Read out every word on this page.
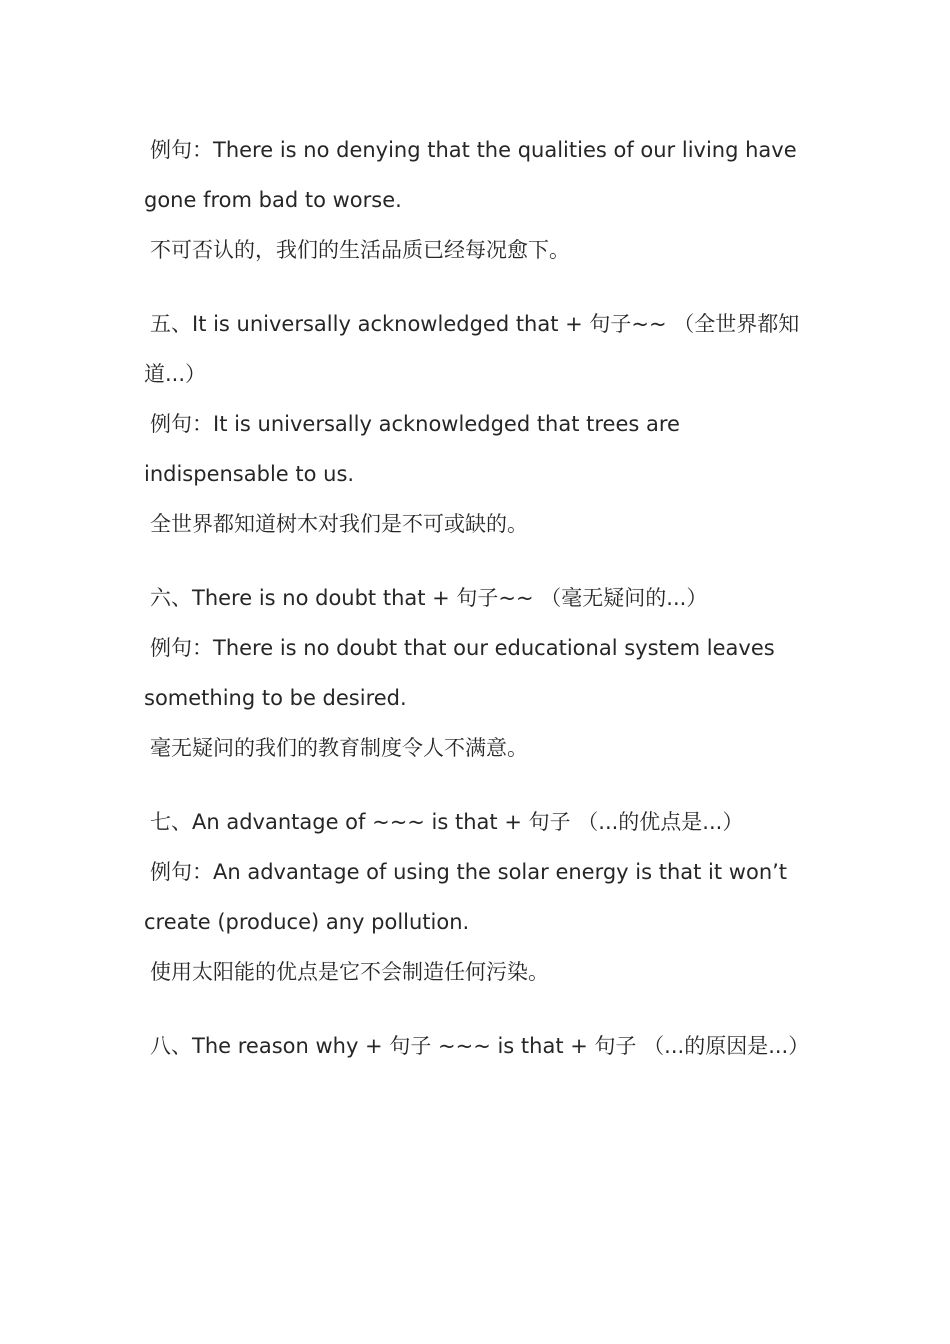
例句：There is no denying that the qualities of our living have
gone from bad to worse.
不可否认的，我们的生活品质已经每况愈下。
五、It is universally acknowledged that + 句子~~ （全世界都知
道...）
例句：It is universally acknowledged that trees are
indispensable to us.
全世界都知道树木对我们是不可或缺的。
六、There is no doubt that + 句子~~ （毫无疑问的...）
例句：There is no doubt that our educational system leaves
something to be desired.
毫无疑问的我们的教育制度令人不满意。
七、An advantage of ~~~ is that + 句子 （...的优点是...）
例句：An advantage of using the solar energy is that it won’t
create (produce) any pollution.
使用太阳能的优点是它不会制造任何污染。
八、The reason why + 句子 ~~~ is that + 句子 （...的原因是...）
